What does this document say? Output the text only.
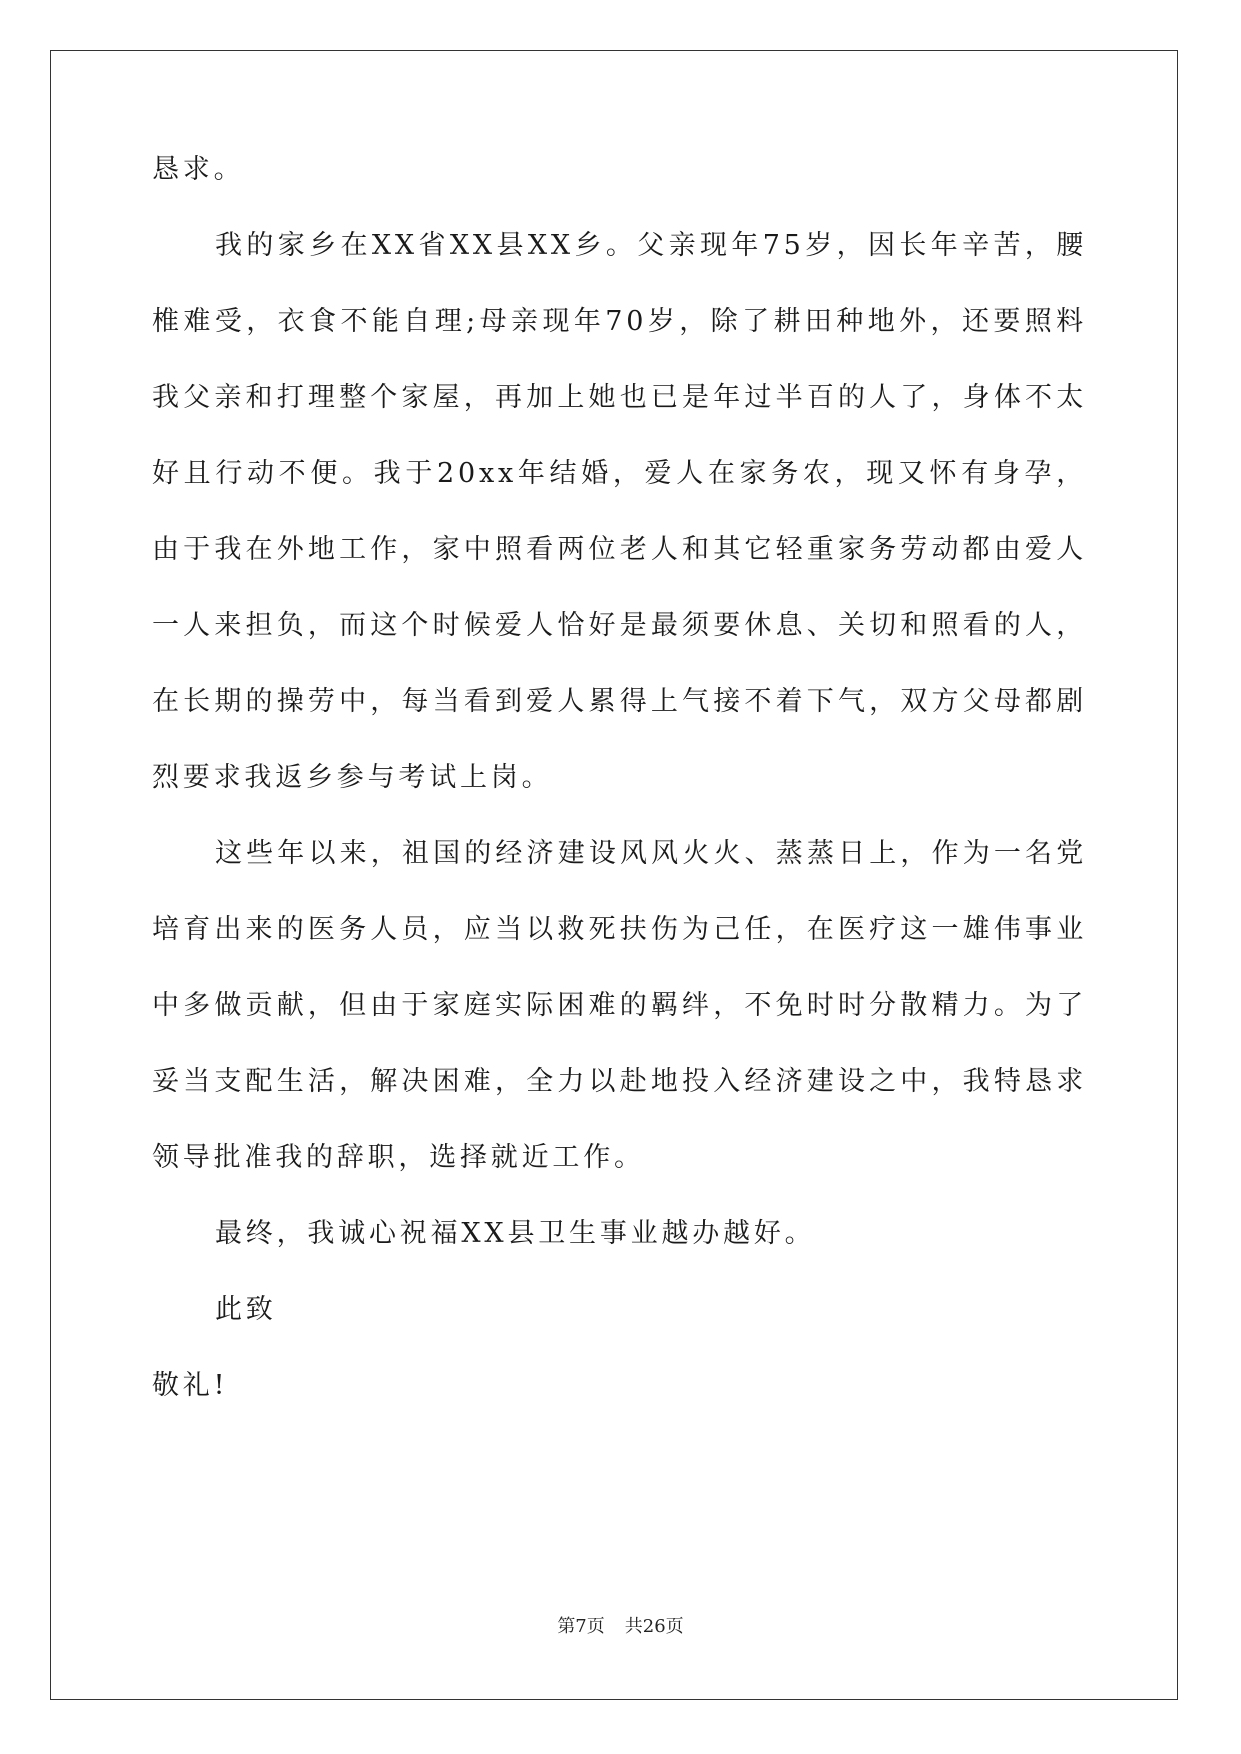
恳求。

我的家乡在XX省XX县XX乡。父亲现年75岁，因长年辛苦，腰椎难受，衣食不能自理;母亲现年70岁，除了耕田种地外，还要照料我父亲和打理整个家屋，再加上她也已是年过半百的人了，身体不太好且行动不便。我于20xx年结婚，爱人在家务农，现又怀有身孕，由于我在外地工作，家中照看两位老人和其它轻重家务劳动都由爱人一人来担负，而这个时候爱人恰好是最须要休息、关切和照看的人，在长期的操劳中，每当看到爱人累得上气接不着下气，双方父母都剧烈要求我返乡参与考试上岗。

这些年以来，祖国的经济建设风风火火、蒸蒸日上，作为一名党培育出来的医务人员，应当以救死扶伤为己任，在医疗这一雄伟事业中多做贡献，但由于家庭实际困难的羁绊，不免时时分散精力。为了妥当支配生活，解决困难，全力以赴地投入经济建设之中，我特恳求领导批准我的辞职，选择就近工作。

最终，我诚心祝福XX县卫生事业越办越好。

此致

敬礼!

第7页 共26页
